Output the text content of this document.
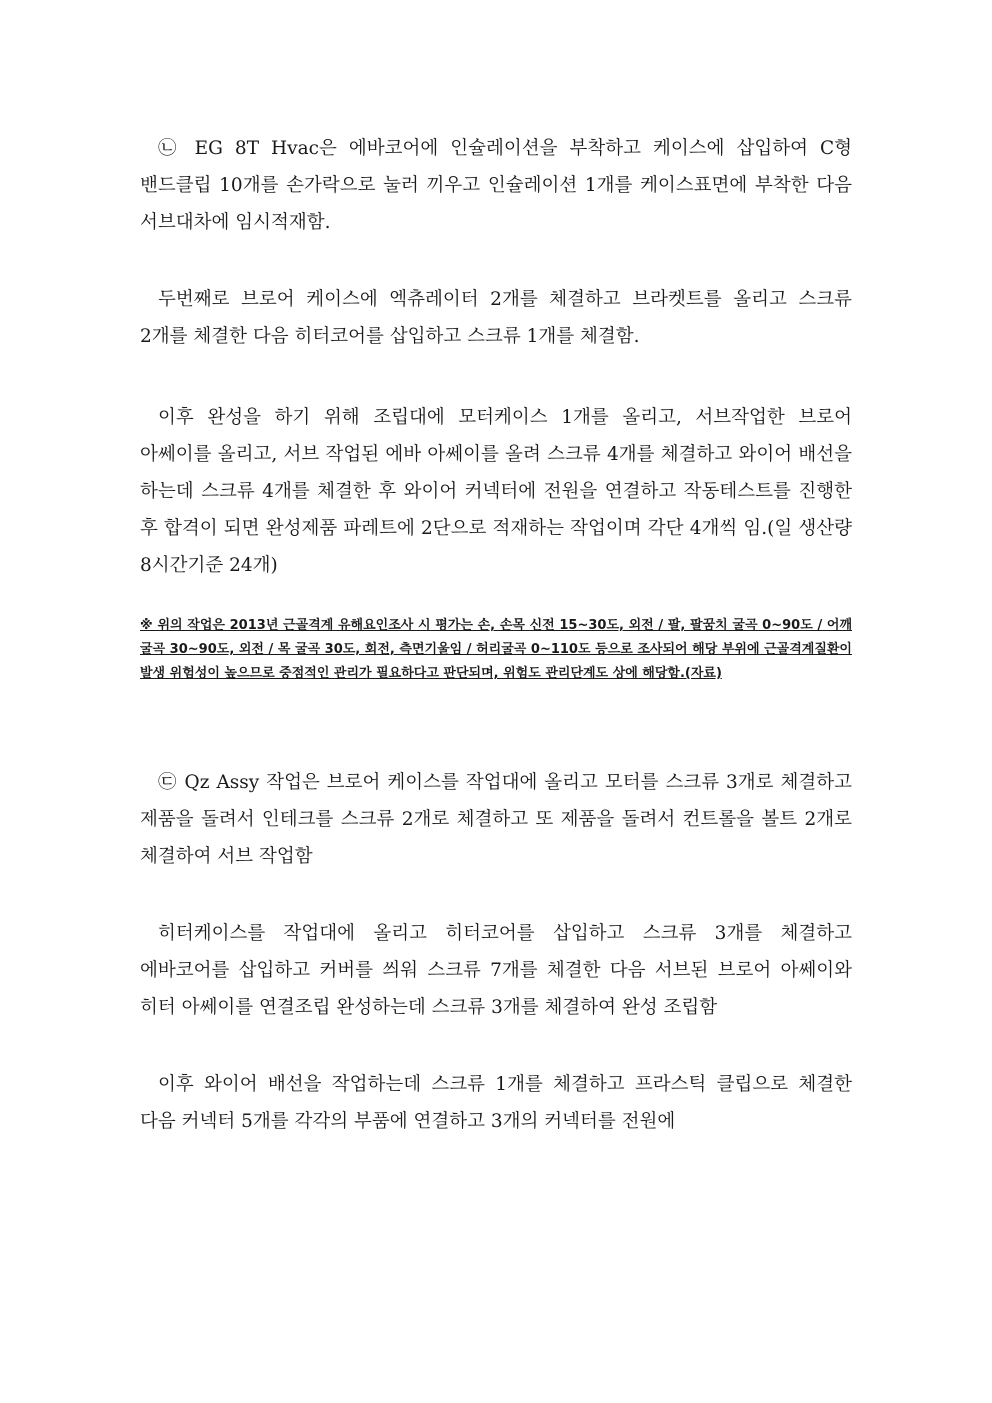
㉡ EG 8T Hvac은 에바코어에 인슐레이션을 부착하고 케이스에 삽입하여 C형 밴드클립 10개를 손가락으로 눌러 끼우고 인슐레이션 1개를 케이스표면에 부착한 다음 서브대차에 임시적재함.

두번째로 브로어 케이스에 엑츄레이터 2개를 체결하고 브라켓트를 올리고 스크류 2개를 체결한 다음 히터코어를 삽입하고 스크류 1개를 체결함.

이후 완성을 하기 위해 조립대에 모터케이스 1개를 올리고, 서브작업한 브로어 아쎄이를 올리고, 서브 작업된 에바 아쎄이를 올려 스크류 4개를 체결하고 와이어 배선을 하는데 스크류 4개를 체결한 후 와이어 커넥터에 전원을 연결하고 작동테스트를 진행한 후 합격이 되면 완성제품 파레트에 2단으로 적재하는 작업이며 각단 4개씩 임.(일 생산량 8시간기준 24개)

※ 위의 작업은 2013년 근골격계 유해요인조사 시 평가는 손, 손목 신전 15~30도, 외전 / 팔, 팔꿈치 굴곡 0~90도 / 어깨 굴곡 30~90도, 외전 / 목 굴곡 30도, 회전, 측면기울임 / 허리굴곡 0~110도 등으로 조사되어 해당 부위에 근골격계질환이 발생 위험성이 높으므로 중점적인 관리가 필요하다고 판단되며, 위험도 관리단계도 상에 해당함.(자료)

㉢ Qz Assy 작업은 브로어 케이스를 작업대에 올리고 모터를 스크류 3개로 체결하고 제품을 돌려서 인테크를 스크류 2개로 체결하고 또 제품을 돌려서 컨트롤을 볼트 2개로 체결하여 서브 작업함

히터케이스를 작업대에 올리고 히터코어를 삽입하고 스크류 3개를 체결하고 에바코어를 삽입하고 커버를 씌워 스크류 7개를 체결한 다음 서브된 브로어 아쎄이와 히터 아쎄이를 연결조립 완성하는데 스크류 3개를 체결하여 완성 조립함

이후 와이어 배선을 작업하는데 스크류 1개를 체결하고 프라스틱 클립으로 체결한 다음 커넥터 5개를 각각의 부품에 연결하고 3개의 커넥터를 전원에
